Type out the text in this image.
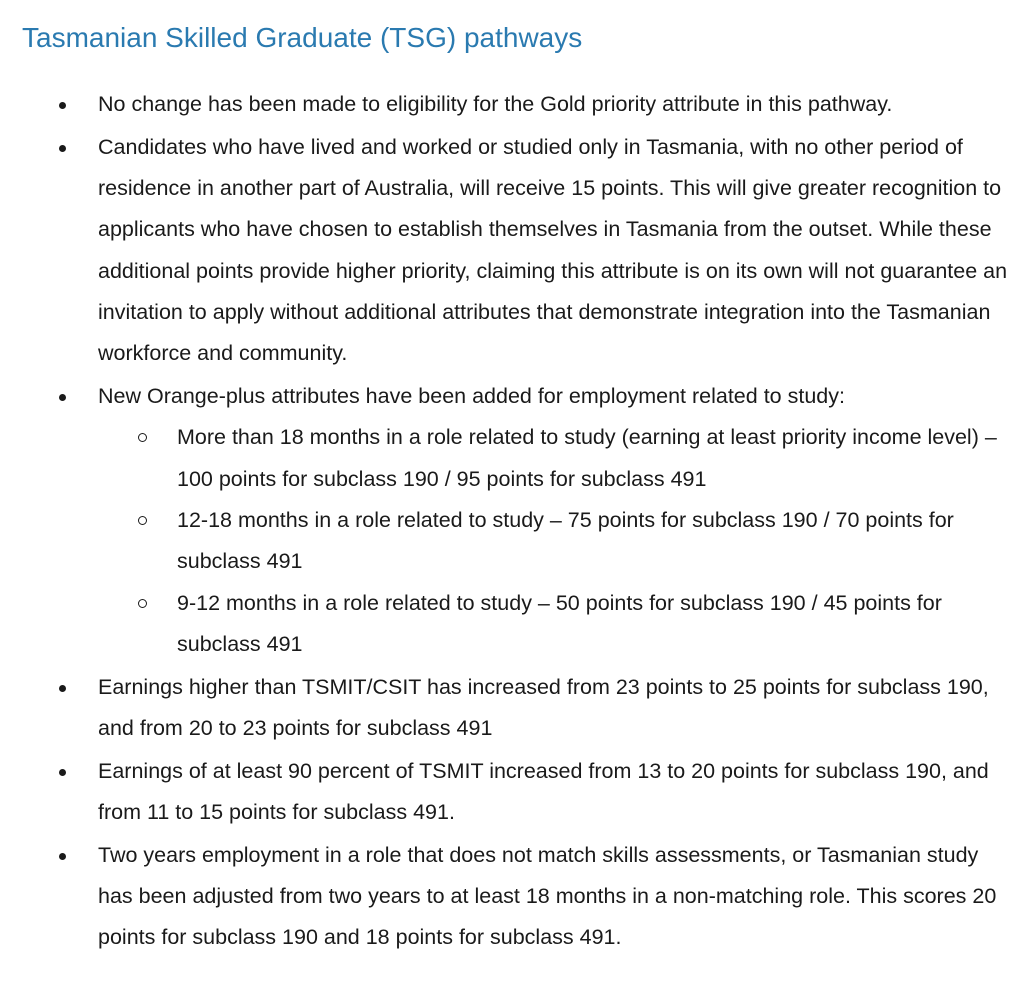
Tasmanian Skilled Graduate (TSG) pathways
No change has been made to eligibility for the Gold priority attribute in this pathway.
Candidates who have lived and worked or studied only in Tasmania, with no other period of residence in another part of Australia, will receive 15 points. This will give greater recognition to applicants who have chosen to establish themselves in Tasmania from the outset. While these additional points provide higher priority, claiming this attribute is on its own will not guarantee an invitation to apply without additional attributes that demonstrate integration into the Tasmanian workforce and community.
New Orange-plus attributes have been added for employment related to study:
More than 18 months in a role related to study (earning at least priority income level) – 100 points for subclass 190 / 95 points for subclass 491
12-18 months in a role related to study – 75 points for subclass 190 / 70 points for subclass 491
9-12 months in a role related to study – 50 points for subclass 190 / 45 points for subclass 491
Earnings higher than TSMIT/CSIT has increased from 23 points to 25 points for subclass 190, and from 20 to 23 points for subclass 491
Earnings of at least 90 percent of TSMIT increased from 13 to 20 points for subclass 190, and from 11 to 15 points for subclass 491.
Two years employment in a role that does not match skills assessments, or Tasmanian study has been adjusted from two years to at least 18 months in a non-matching role. This scores 20 points for subclass 190 and 18 points for subclass 491.
